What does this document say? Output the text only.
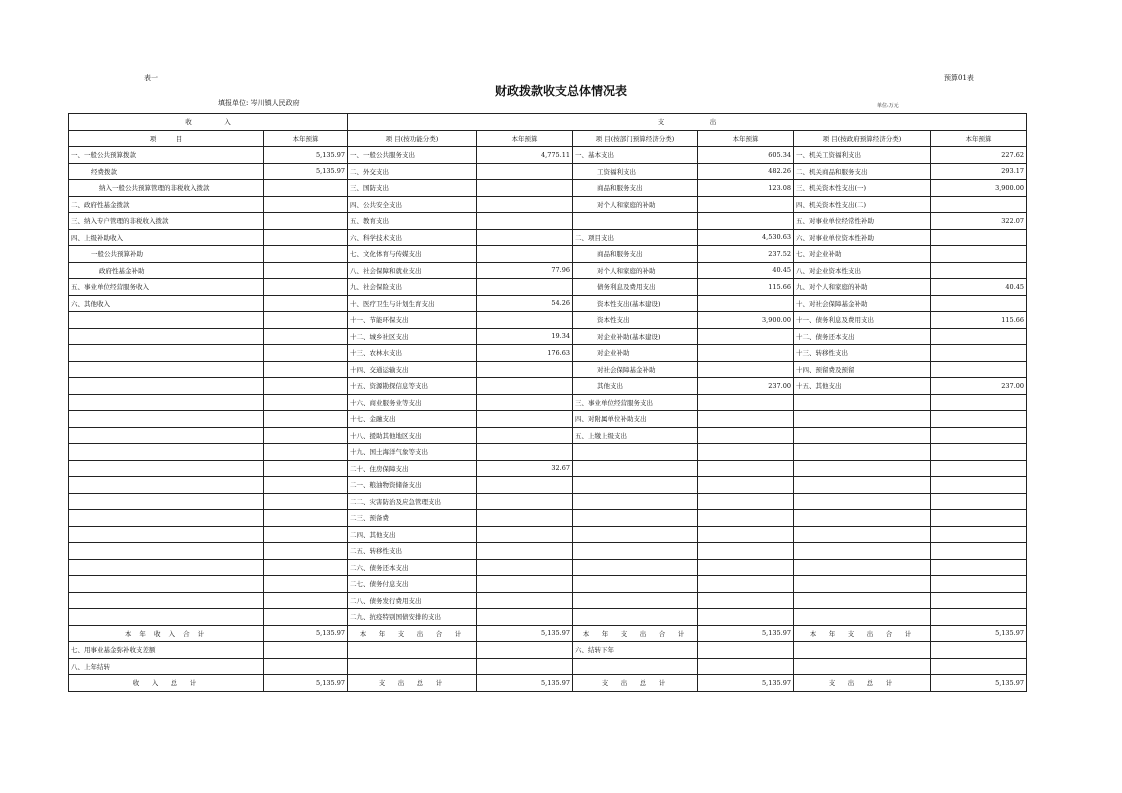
表一	预算01表
财政拨款收支总体情况表
填报单位: 岑川镇人民政府	单位:万元
收　　　　　入		支　　　　　　　出					
项　　　目	本年预算	项 目(按功能分类)	本年预算	项 目(按部门预算经济分类)	本年预算	项 目(按政府预算经济分类)	本年预算
一、一般公共预算拨款	5,135.97	一、一般公共服务支出	4,775.11	一、基本支出	605.34	一、机关工资福利支出	227.62
经费拨款	5,135.97	二、外交支出		工资福利支出	482.26	二、机关商品和服务支出	293.17
纳入一般公共预算管理的非税收入拨款		三、国防支出		商品和服务支出	123.08	三、机关资本性支出(一)	3,900.00
二、政府性基金拨款		四、公共安全支出		对个人和家庭的补助		四、机关资本性支出(二)	
三、纳入专户管理的非税收入拨款		五、教育支出				五、对事业单位经常性补助	322.07
四、上级补助收入		六、科学技术支出		二、项目支出	4,530.63	六、对事业单位资本性补助	
一般公共预算补助		七、文化体育与传媒支出		商品和服务支出	237.52	七、对企业补助	
政府性基金补助		八、社会保障和就业支出	77.96	对个人和家庭的补助	40.45	八、对企业资本性支出	
五、事业单位经营服务收入		九、社会保险支出		债务利息及费用支出	115.66	九、对个人和家庭的补助	40.45
六、其他收入		十、医疗卫生与计划生育支出	54.26	资本性支出(基本建设)		十、对社会保障基金补助	
		十一、节能环保支出		资本性支出	3,900.00	十一、债务利息及费用支出	115.66
		十二、城乡社区支出	19.34	对企业补助(基本建设)		十二、债务还本支出	
		十三、农林水支出	176.63	对企业补助		十三、转移性支出	
		十四、交通运输支出		对社会保障基金补助		十四、预留费及预留	
		十五、资源勘探信息等支出		其他支出	237.00	十五、其他支出	237.00
		十六、商业服务业等支出		三、事业单位经营服务支出			
		十七、金融支出		四、对附属单位补助支出			
		十八、援助其他地区支出		五、上缴上级支出			
		十九、国土海洋气象等支出					
		二十、住房保障支出	32.67				
		二一、粮油物资储备支出					
		二二、灾害防治及应急管理支出					
		二三、预备费					
		二四、其他支出					
		二五、转移性支出					
		二六、债务还本支出					
		二七、债务付息支出					
		二八、债务发行费用支出					
		二九、抗疫特别国债安排的支出					
本 年 收 入 合 计	5,135.97	本　年　支　出　合　计	5,135.97	本　年　支　出　合　计	5,135.97	本　年　支　出　合　计	5,135.97
七、用事业基金弥补收支差额				六、结转下年			
八、上年结转							
收　入　总　计	5,135.97	支　出　总　计	5,135.97	支　出　总　计	5,135.97	支　出　总　计	5,135.97
